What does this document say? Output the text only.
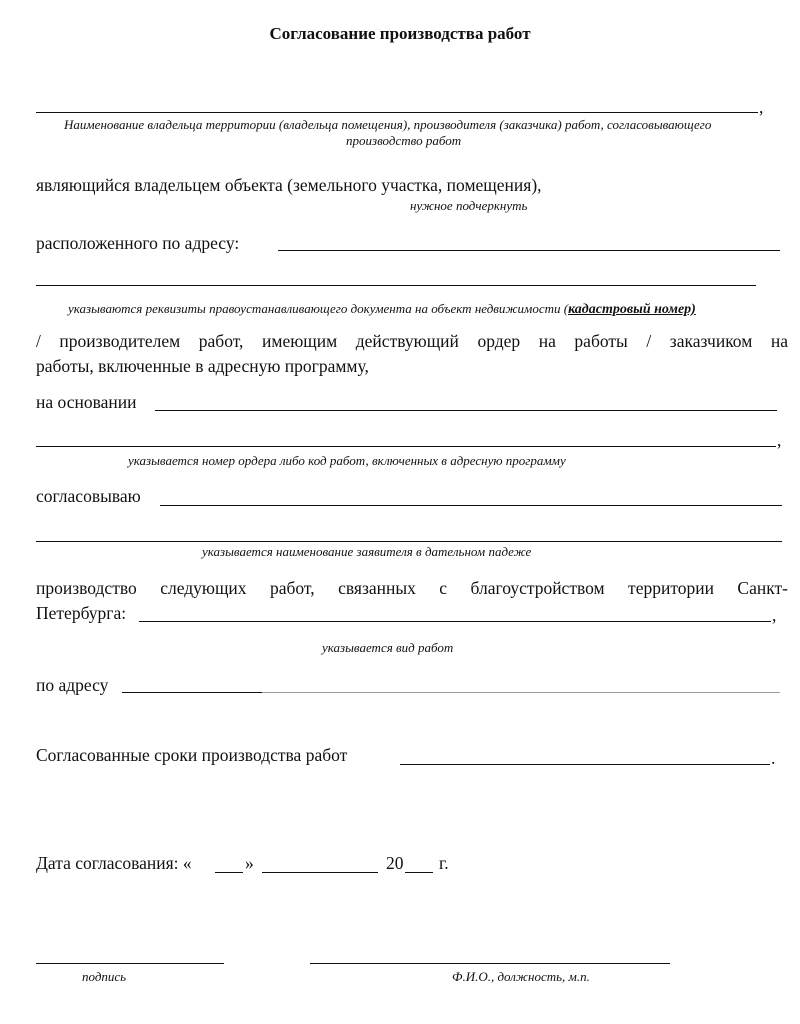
Согласование производства работ
,
Наименование владельца территории (владельца помещения), производителя (заказчика) работ, согласовывающего
производство работ
являющийся владельцем объекта (земельного участка, помещения),
нужное подчеркнуть
расположенного по адресу:
указываются реквизиты правоустанавливающего документа на объект недвижимости (кадастровый номер)
/ производителем работ, имеющим действующий ордер на работы / заказчиком на
работы, включенные в адресную программу,
на основании
,
указывается номер ордера либо код работ, включенных в адресную программу
согласовываю
указывается наименование заявителя в дательном падеже
производство следующих работ, связанных с благоустройством территории Санкт-
Петербурга:	,
указывается вид работ
по адресу
Согласованные сроки производства работ	.
Дата согласования: «	»	20 г.
подпись	Ф.И.О., должность, м.п.
